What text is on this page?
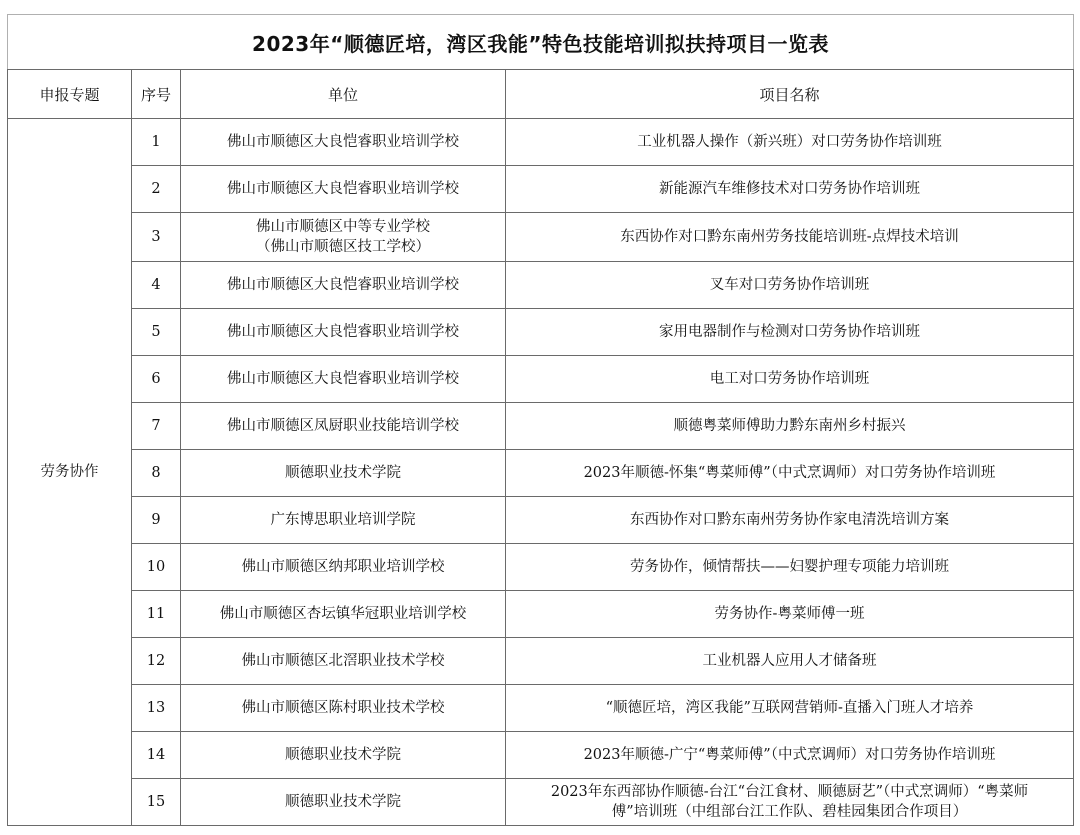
2023年“顺德匠培，湾区我能”特色技能培训拟扶持项目一览表			
申报专题	序号	单位	项目名称
劳务协作	1	佛山市顺德区大良恺睿职业培训学校	工业机器人操作（新兴班）对口劳务协作培训班

	2	佛山市顺德区大良恺睿职业培训学校	新能源汽车维修技术对口劳务协作培训班

	3	佛山市顺德区中等专业学校
（佛山市顺德区技工学校）	东西协作对口黔东南州劳务技能培训班-点焊技术培训

	4	佛山市顺德区大良恺睿职业培训学校	叉车对口劳务协作培训班

	5	佛山市顺德区大良恺睿职业培训学校	家用电器制作与检测对口劳务协作培训班

	6	佛山市顺德区大良恺睿职业培训学校	电工对口劳务协作培训班

	7	佛山市顺德区凤厨职业技能培训学校	顺德粤菜师傅助力黔东南州乡村振兴

	8	顺德职业技术学院	2023年顺德-怀集“粤菜师傅”（中式烹调师）对口劳务协作培训班

	9	广东博思职业培训学院	东西协作对口黔东南州劳务协作家电清洗培训方案

	10	佛山市顺德区纳邦职业培训学校	劳务协作，倾情帮扶——妇婴护理专项能力培训班

	11	佛山市顺德区杏坛镇华冠职业培训学校	劳务协作-粤菜师傅一班

	12	佛山市顺德区北滘职业技术学校	工业机器人应用人才储备班

	13	佛山市顺德区陈村职业技术学校	“顺德匠培，湾区我能”互联网营销师-直播入门班人才培养

	14	顺德职业技术学院	2023年顺德-广宁“粤菜师傅”（中式烹调师）对口劳务协作培训班

	15	顺德职业技术学院	2023年东西部协作顺德-台江“台江食材、顺德厨艺”（中式烹调师）“粤菜师
傅”培训班（中组部台江工作队、碧桂园集团合作项目）
